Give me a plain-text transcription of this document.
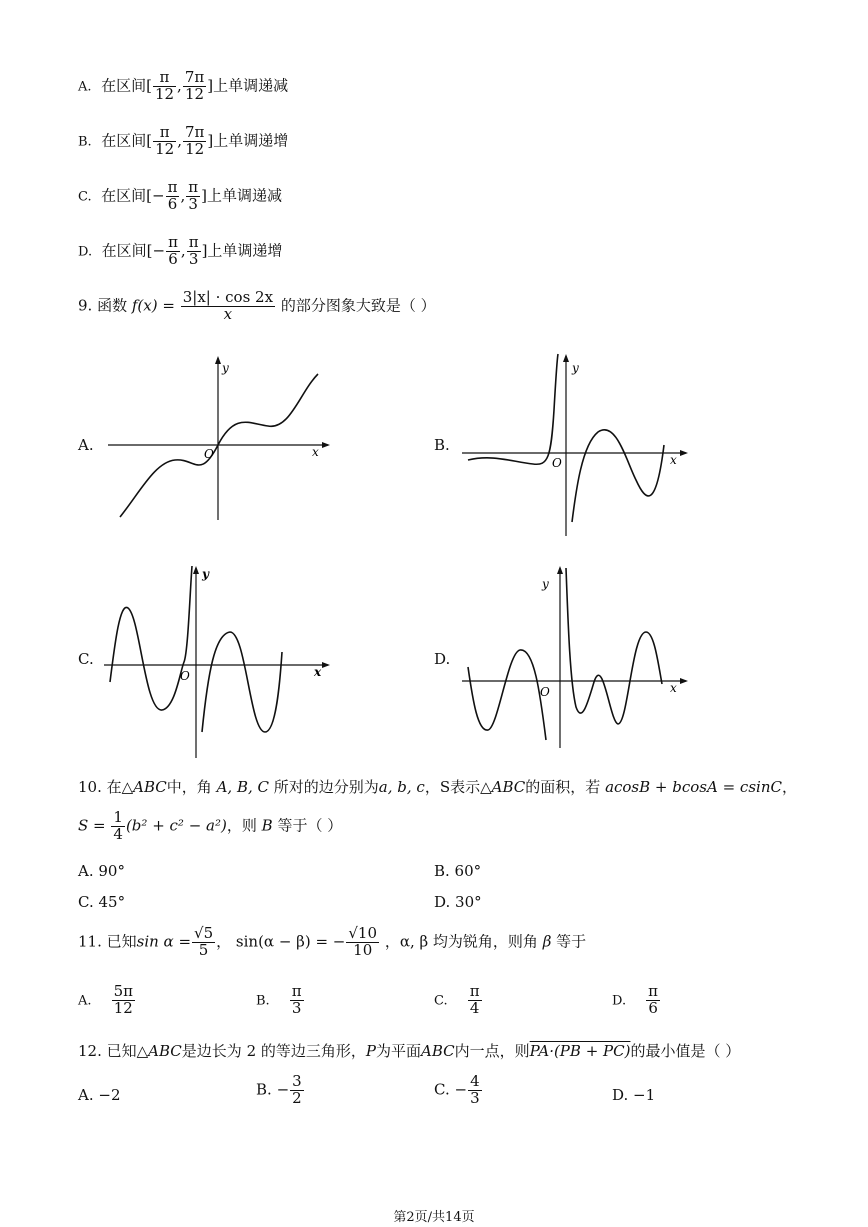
A. 在区间[ $\frac{\pi}{12}$ , $\frac{7\pi}{12}$ ]上单调递减
B. 在区间[ $\frac{\pi}{12}$ , $\frac{7\pi}{12}$ ]上单调递增
C. 在区间[− $\frac{\pi}{6}$ , $\frac{\pi}{3}$ ]上单调递减
D. 在区间[− $\frac{\pi}{6}$ , $\frac{\pi}{3}$ ]上单调递增
9. 函数 $f(x) = \frac{3|x| \cdot \cos 2x}{x}$ 的部分图象大致是（ ）
A.	B.
C.	D.
y
x
O
y
x
O
y
x
O
y
x
O
10. 在△ABC中，角 A, B, C 所对的边分别为a, b, c，S表示△ABC的面积，若 acosB + bcosA = csinC，
$S = \frac{1}{4} (b^2 + c^2 - a^2)$，则 B 等于（ ）
A. 90°	B. 60°
C. 45°	D. 30°
11. 已知$\sin \alpha = \frac{√5}{5}$ ， sin(α − β) = − $\frac{√10}{10}$ ，α, β 均为锐角，则角 β 等于
A. $\frac{5\pi}{12}$	B. $\frac{\pi}{3}$	C. $\frac{\pi}{4}$	D. $\frac{\pi}{6}$
12. 已知△ABC是边长为 2 的等边三角形，P为平面ABC内一点，则PA·(PB + PC)的最小值是（ ）
A. −2	B. − $\frac{3}{2}$	C. − $\frac{4}{3}$	D. −1
第2页/共14页
